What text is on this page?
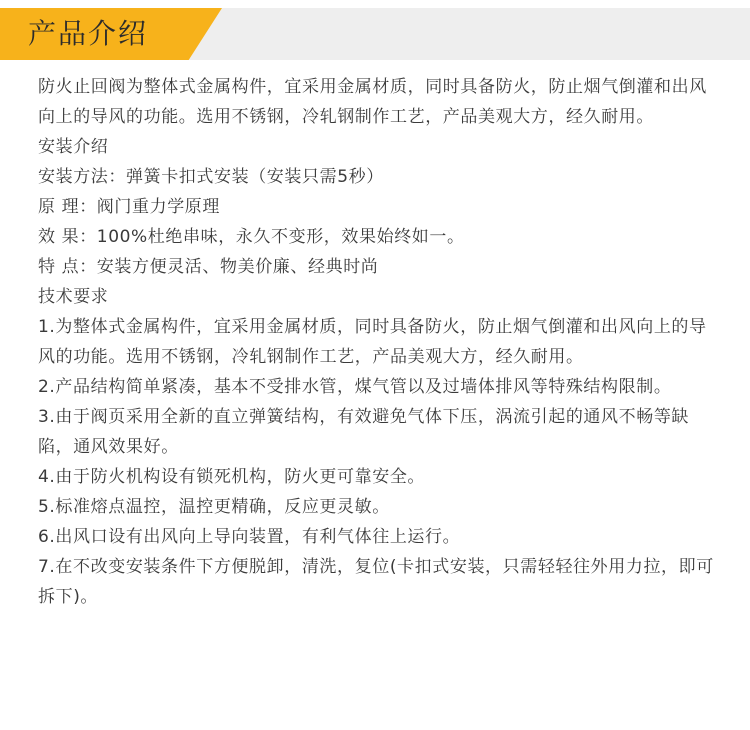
产品介绍

防火止回阀为整体式金属构件，宜采用金属材质，同时具备防火，防止烟气倒灌和出风向上的导风的功能。选用不锈钢，冷轧钢制作工艺，产品美观大方，经久耐用。

安装介绍

安装方法：弹簧卡扣式安装（安装只需5秒）

原 理：阀门重力学原理

效 果：100%杜绝串味，永久不变形，效果始终如一。

特 点：安装方便灵活、物美价廉、经典时尚

技术要求

1.为整体式金属构件，宜采用金属材质，同时具备防火，防止烟气倒灌和出风向上的导风的功能。选用不锈钢，冷轧钢制作工艺，产品美观大方，经久耐用。

2.产品结构简单紧凑，基本不受排水管，煤气管以及过墙体排风等特殊结构限制。

3.由于阀页采用全新的直立弹簧结构，有效避免气体下压，涡流引起的通风不畅等缺陷，通风效果好。

4.由于防火机构设有锁死机构，防火更可靠安全。

5.标准熔点温控，温控更精确，反应更灵敏。

6.出风口设有出风向上导向装置，有利气体往上运行。

7.在不改变安装条件下方便脱卸，清洗，复位(卡扣式安装，只需轻轻往外用力拉，即可拆下)。
